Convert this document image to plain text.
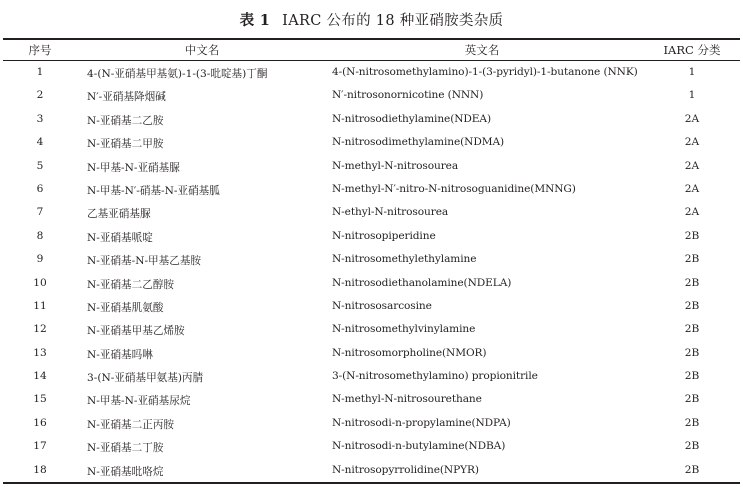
表 1 IARC 公布的 18 种亚硝胺类杂质
序号	中文名	英文名	IARC 分类
1	4-(N-亚硝基甲基氨)-1-(3-吡啶基)丁酮	4-(N-nitrosomethylamino)-1-(3-pyridyl)-1-butanone (NNK)	1
2	N′-亚硝基降烟碱	N′-nitrosonornicotine (NNN)	1
3	N-亚硝基二乙胺	N-nitrosodiethylamine(NDEA)	2A
4	N-亚硝基二甲胺	N-nitrosodimethylamine(NDMA)	2A
5	N-甲基-N-亚硝基脲	N-methyl-N-nitrosourea	2A
6	N-甲基-N′-硝基-N-亚硝基胍	N-methyl-N′-nitro-N-nitrosoguanidine(MNNG)	2A
7	乙基亚硝基脲	N-ethyl-N-nitrosourea	2A
8	N-亚硝基哌啶	N-nitrosopiperidine	2B
9	N-亚硝基-N-甲基乙基胺	N-nitrosomethylethylamine	2B
10	N-亚硝基二乙醇胺	N-nitrosodiethanolamine(NDELA)	2B
11	N-亚硝基肌氨酸	N-nitrososarcosine	2B
12	N-亚硝基甲基乙烯胺	N-nitrosomethylvinylamine	2B
13	N-亚硝基吗啉	N-nitrosomorpholine(NMOR)	2B
14	3-(N-亚硝基甲氨基)丙腈	3-(N-nitrosomethylamino) propionitrile	2B
15	N-甲基-N-亚硝基尿烷	N-methyl-N-nitrosourethane	2B
16	N-亚硝基二正丙胺	N-nitrosodi-n-propylamine(NDPA)	2B
17	N-亚硝基二丁胺	N-nitrosodi-n-butylamine(NDBA)	2B
18	N-亚硝基吡咯烷	N-nitrosopyrrolidine(NPYR)	2B
